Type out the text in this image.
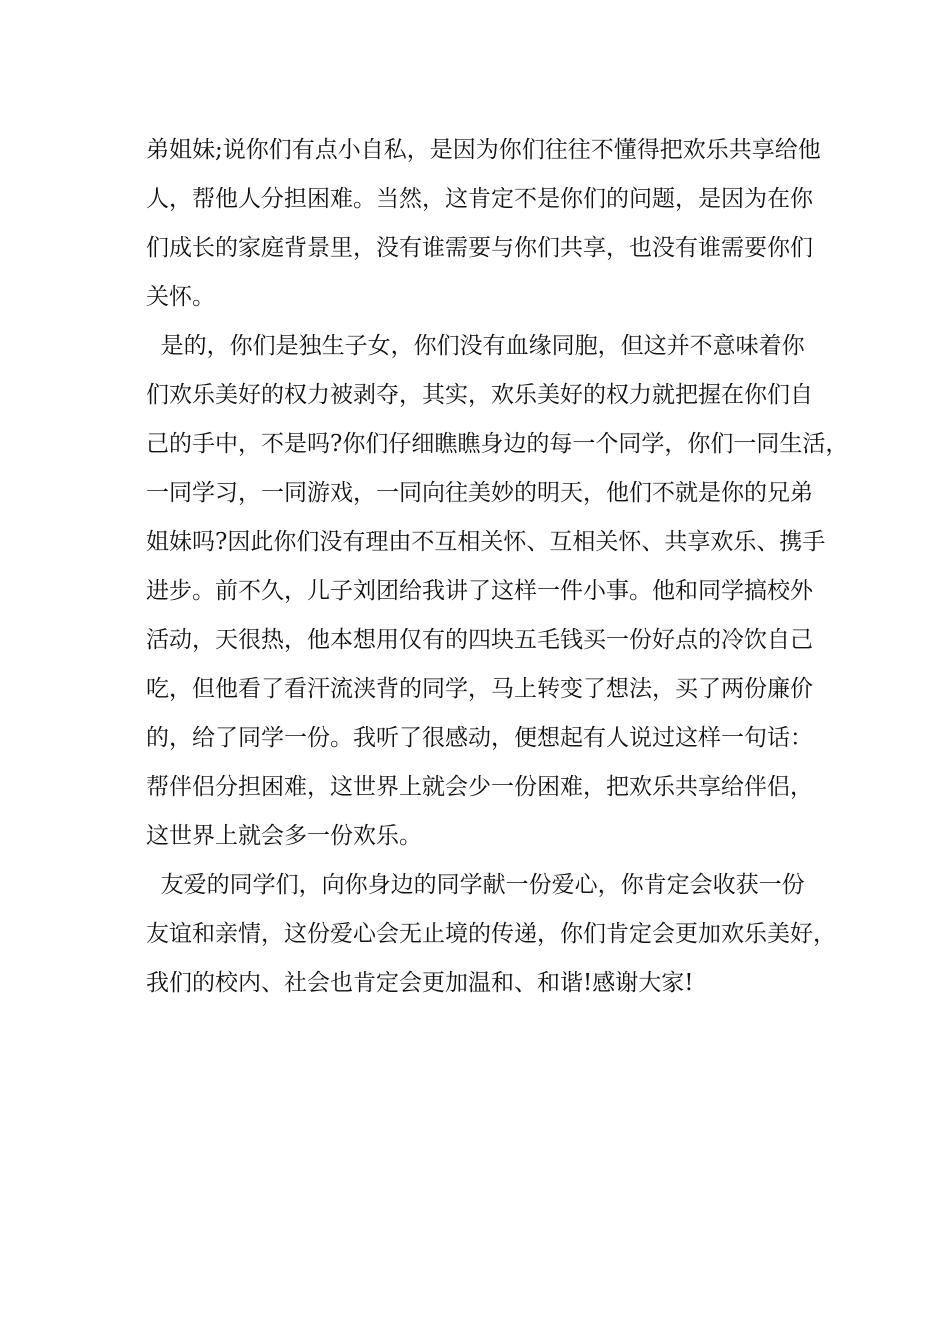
弟姐妹;说你们有点小自私，是因为你们往往不懂得把欢乐共享给他
人，帮他人分担困难。当然，这肯定不是你们的问题，是因为在你
们成长的家庭背景里，没有谁需要与你们共享，也没有谁需要你们
关怀。
是的，你们是独生子女，你们没有血缘同胞，但这并不意味着你
们欢乐美好的权力被剥夺，其实，欢乐美好的权力就把握在你们自
己的手中，不是吗?你们仔细瞧瞧身边的每一个同学，你们一同生活，
一同学习，一同游戏，一同向往美妙的明天，他们不就是你的兄弟
姐妹吗?因此你们没有理由不互相关怀、互相关怀、共享欢乐、携手
进步。前不久，儿子刘团给我讲了这样一件小事。他和同学搞校外
活动，天很热，他本想用仅有的四块五毛钱买一份好点的冷饮自己
吃，但他看了看汗流浃背的同学，马上转变了想法，买了两份廉价
的，给了同学一份。我听了很感动，便想起有人说过这样一句话：
帮伴侣分担困难，这世界上就会少一份困难，把欢乐共享给伴侣，
这世界上就会多一份欢乐。
友爱的同学们，向你身边的同学献一份爱心，你肯定会收获一份
友谊和亲情，这份爱心会无止境的传递，你们肯定会更加欢乐美好，
我们的校内、社会也肯定会更加温和、和谐!感谢大家!
